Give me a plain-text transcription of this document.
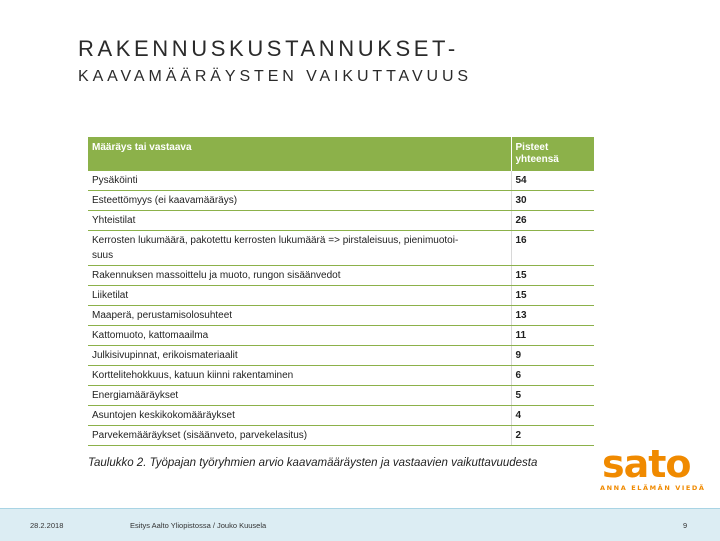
RAKENNUSKUSTANNUKSET-
KAAVAMÄÄRÄYSTEN VAIKUTTAVUUS
Määräys tai vastaava	Pisteet
yhteensä
Pysäköinti	54
Esteettömyys (ei kaavamääräys)	30
Yhteistilat	26
Kerrosten lukumäärä, pakotettu kerrosten lukumäärä => pirstaleisuus, pienimuotoi-
suus	16
Rakennuksen massoittelu ja muoto, rungon sisäänvedot	15
Liiketilat	15
Maaperä, perustamisolosuhteet	13
Kattomuoto, kattomaailma	11
Julkisivupinnat, erikoismateriaalit	9
Korttelitehokkuus, katuun kiinni rakentaminen	6
Energiamääräykset	5
Asuntojen keskikokomääräykset	4
Parvekemääräykset (sisäänveto, parvekelasitus)	2
Taulukko 2. Työpajan työryhmien arvio kaavamääräysten ja vastaavien vaikuttavuudesta	sato
ANNA ELÄMÄN VIEDÄ
28.2.2018	Esitys Aalto Yliopistossa / Jouko Kuusela	9
